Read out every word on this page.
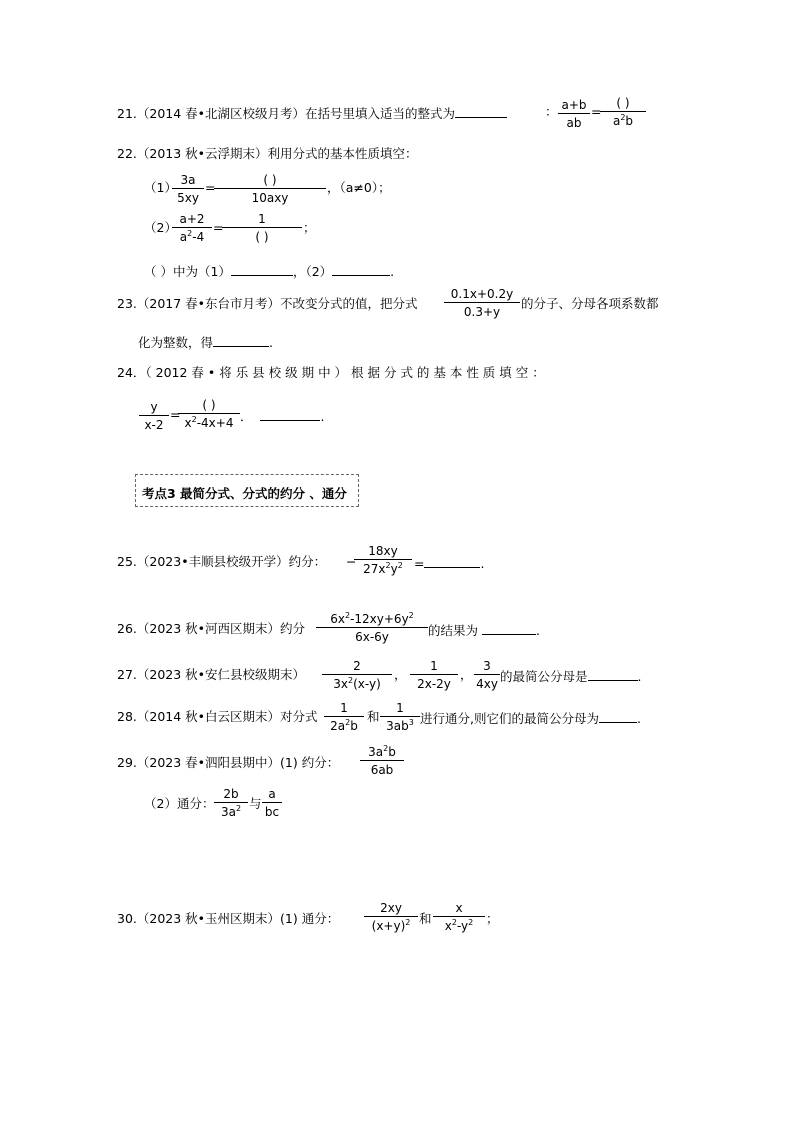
21.（2014 春•北湖区校级月考）在括号里填入适当的整式为	： $\frac{a+b}{ab}$ =
( )
$a^2b$
22.（2013 秋•云浮期末）利用分式的基本性质填空：
（1）
$\frac{3a}{5xy}$ =	( )
10axy
，（a≠0）；
（2）
$\frac{a+2}{a^2-4}$ =
1
( )
；
（ ）中为（1）	，（2）	.
23.（2017 春•东台市月考）不改变分式的值，把分式 $\frac{0.1x+0.2y}{0.3+y}$ 的分子、分母各项系数都
化为整数，得	.
24．（ 2012 春 • 将 乐 县 校 级 期 中 ） 根 据 分 式 的 基 本 性 质 填 空 ：
$\frac{y}{x-2}$ =
( )
$x^2-4x+4$ ．	.
考点3 最简分式、分式的约分 、通分
25.（2023•丰顺县校级开学）约分： −
$\frac{18xy}{27x^2y^2}$ =	.
26.（2023 秋•河西区期末）约分 $\frac{6x^2-12xy+6y^2}{6x-6y}$ 的结果为	.
27.（2023 秋•安仁县校级期末） $\frac{2}{3x^2(x-y)}$ ， $\frac{1}{2x-2y}$ ， $\frac{3}{4xy}$ 的最简公分母是	.
28.（2014 秋•白云区期末）对分式 $\frac{1}{2a^2b}$ 和 $\frac{1}{3ab^3}$ 进行通分,则它们的最简公分母为	.
29.（2023 春•泗阳县期中）(1) 约分： $\frac{3a^2b}{6ab}$
（2）通分： $\frac{2b}{3a^2}$ 与 $\frac{a}{bc}$
30.（2023 秋•玉州区期末）(1) 通分： $\frac{2xy}{(x+y)^2}$ 和 $\frac{x}{x^2-y^2}$ ；
